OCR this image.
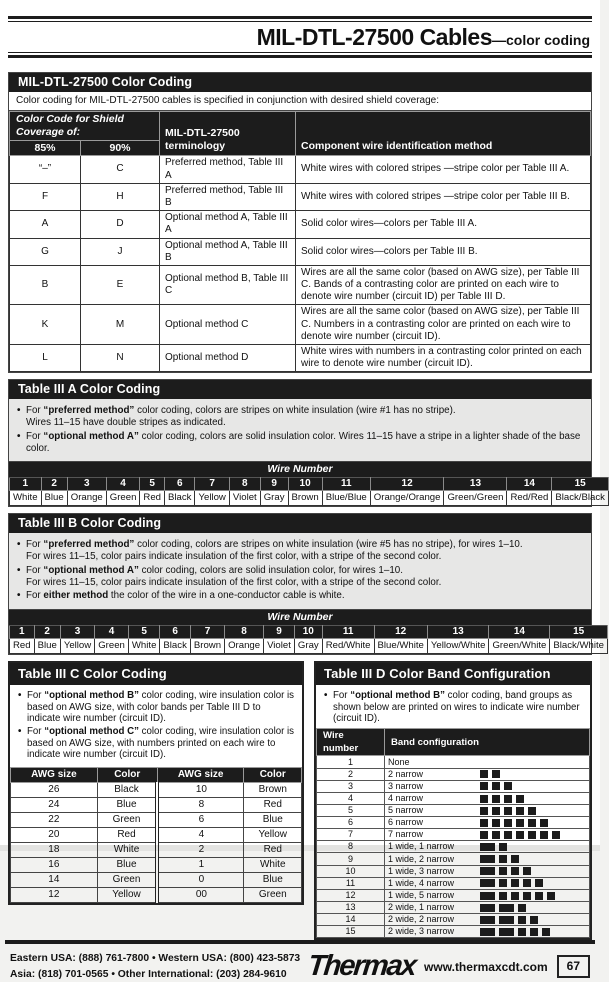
MIL-DTL-27500 Cables—color coding
MIL-DTL-27500 Color Coding
Color coding for MIL-DTL-27500 cables is specified in conjunction with desired shield coverage:
Color Code for Shield Coverage of:		MIL-DTL-27500 terminology	Component wire identification method
85%	90%		
“–”	C	Preferred method, Table III A	White wires with colored stripes —stripe color per Table III A.
F	H	Preferred method, Table III B	White wires with colored stripes —stripe color per Table III B.
A	D	Optional method A, Table III A	Solid color wires—colors per Table III A.
G	J	Optional method A, Table III B	Solid color wires—colors per Table III B.
B	E	Optional method B, Table III C	Wires are all the same color (based on AWG size), per Table III C. Bands of a contrasting color are printed on each wire to denote wire number (circuit ID) per Table III D.
K	M	Optional method C	Wires are all the same color (based on AWG size), per Table III C. Numbers in a contrasting color are printed on each wire to denote wire number (circuit ID).
L	N	Optional method D	White wires with numbers in a contrasting color printed on each wire to denote wire number (circuit ID).
Table III A Color Coding
• For “preferred method” color coding, colors are stripes on white insulation (wire #1 has no stripe).
Wires 11–15 have double stripes as indicated.
• For “optional method A” color coding, colors are solid insulation color. Wires 11–15 have a stripe in a lighter shade of the base color.
Wire Number
1	2	3	4	5	6	7	8	9	10	11	12	13	14	15
White	Blue	Orange	Green	Red	Black	Yellow	Violet	Gray	Brown	Blue/Blue	Orange/Orange	Green/Green	Red/Red	Black/Black
Table III B Color Coding
• For “preferred method” color coding, colors are stripes on white insulation (wire #5 has no stripe), for wires 1–10.
For wires 11–15, color pairs indicate insulation of the first color, with a stripe of the second color.
• For “optional method A” color coding, colors are solid insulation color, for wires 1–10.
For wires 11–15, color pairs indicate insulation of the first color, with a stripe of the second color.
• For either method the color of the wire in a one-conductor cable is white.
Wire Number
1	2	3	4	5	6	7	8	9	10	11	12	13	14	15
Red	Blue	Yellow	Green	White	Black	Brown	Orange	Violet	Gray	Red/White	Blue/White	Yellow/White	Green/White	Black/White
Table III C Color Coding
• For “optional method B” color coding, wire insulation color is based on AWG size, with color bands per Table III D to indicate wire number (circuit ID).
• For “optional method C” color coding, wire insulation color is based on AWG size, with numbers printed on each wire to indicate wire number (circuit ID).
AWG size	Color	AWG size	Color
26	Black	10	Brown
24	Blue	8	Red
22	Green	6	Blue
20	Red	4	Yellow
18	White	2	Red
16	Blue	1	White
14	Green	0	Blue
12	Yellow	00	Green
Table III D Color Band Configuration
• For “optional method B” color coding, band groups as shown below are printed on wires to indicate wire number (circuit ID).
Wire number	Band configuration
1	None
2	2 narrow
3	3 narrow
4	4 narrow
5	5 narrow
6	6 narrow
7	7 narrow
8	1 wide, 1 narrow
9	1 wide, 2 narrow
10	1 wide, 3 narrow
11	1 wide, 4 narrow
12	1 wide, 5 narrow
13	2 wide, 1 narrow
14	2 wide, 2 narrow
15	2 wide, 3 narrow
Eastern USA: (888) 761-7800 • Western USA: (800) 423-5873
Asia: (818) 701-0565 • Other International: (203) 284-9610 Thermax www.thermaxcdt.com	67
